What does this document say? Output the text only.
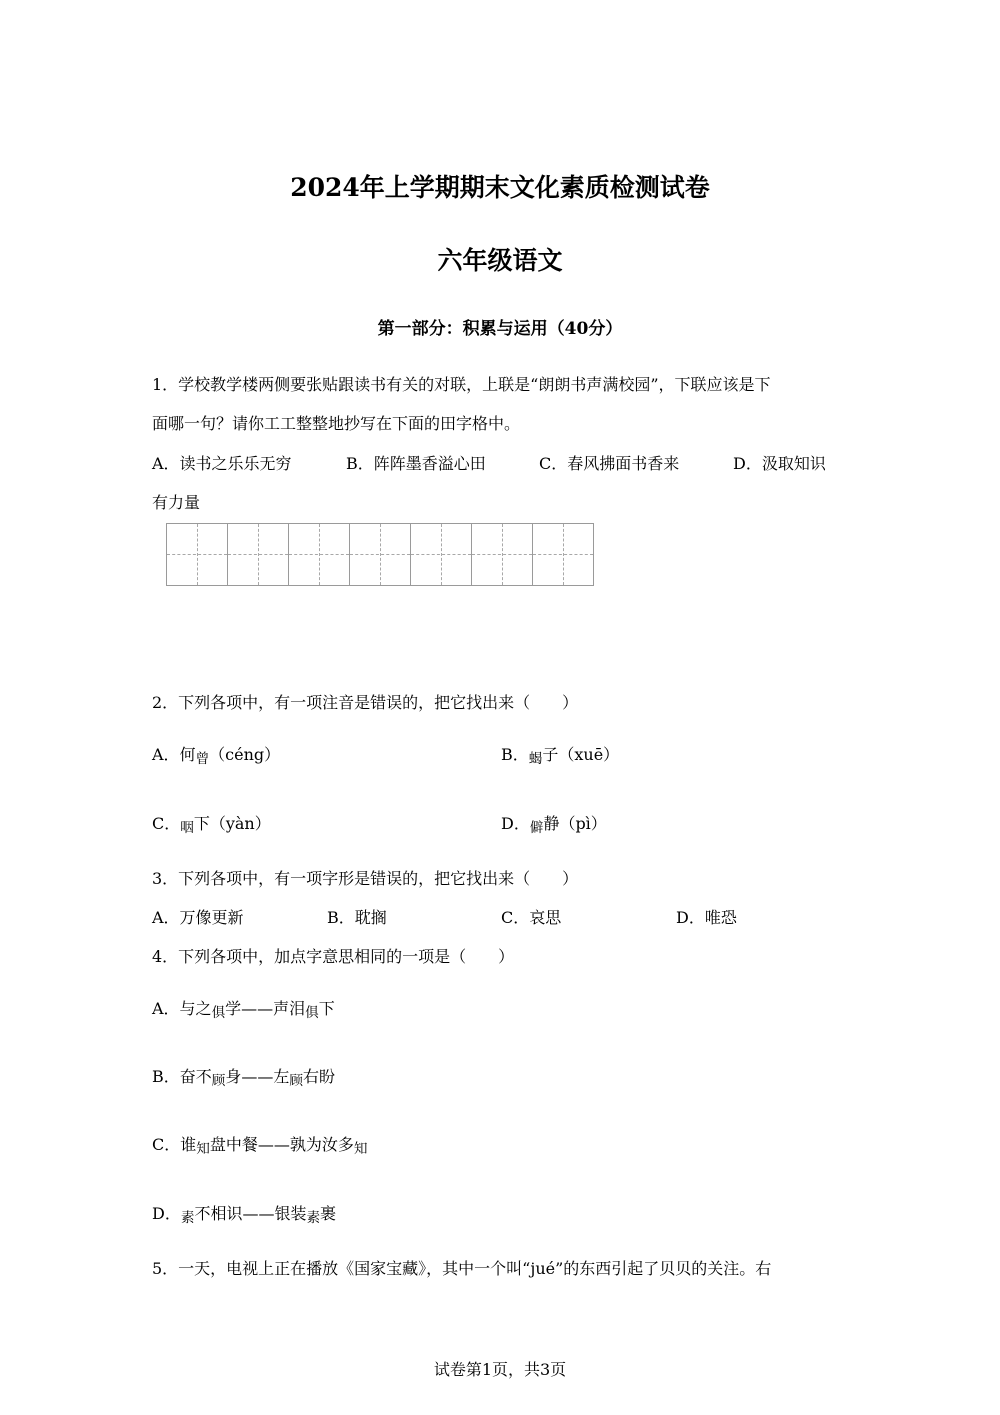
2024年上学期期末文化素质检测试卷
六年级语文
第一部分：积累与运用（40分）
1．学校教学楼两侧要张贴跟读书有关的对联，上联是“朗朗书声满校园”，下联应该是下
面哪一句？请你工工整整地抄写在下面的田字格中。
A．读书之乐乐无穷	B．阵阵墨香溢心田	C．春风拂面书香来	D．汲取知识
有力量
2．下列各项中，有一项注音是错误的，把它找出来（　　）
A．何曾（céng）	B．蝎子（xuē）
C．咽下（yàn）	D．僻静（pì）
3．下列各项中，有一项字形是错误的，把它找出来（　　）
A．万像更新	B．耽搁	C．哀思	D．唯恐
4．下列各项中，加点字意思相同的一项是（　　）
A．与之俱学——声泪俱下
B．奋不顾身——左顾右盼
C．谁知盘中餐——孰为汝多知
D．素不相识——银装素裹
5．一天，电视上正在播放《国家宝藏》，其中一个叫“jué”的东西引起了贝贝的关注。右
试卷第1页，共3页
